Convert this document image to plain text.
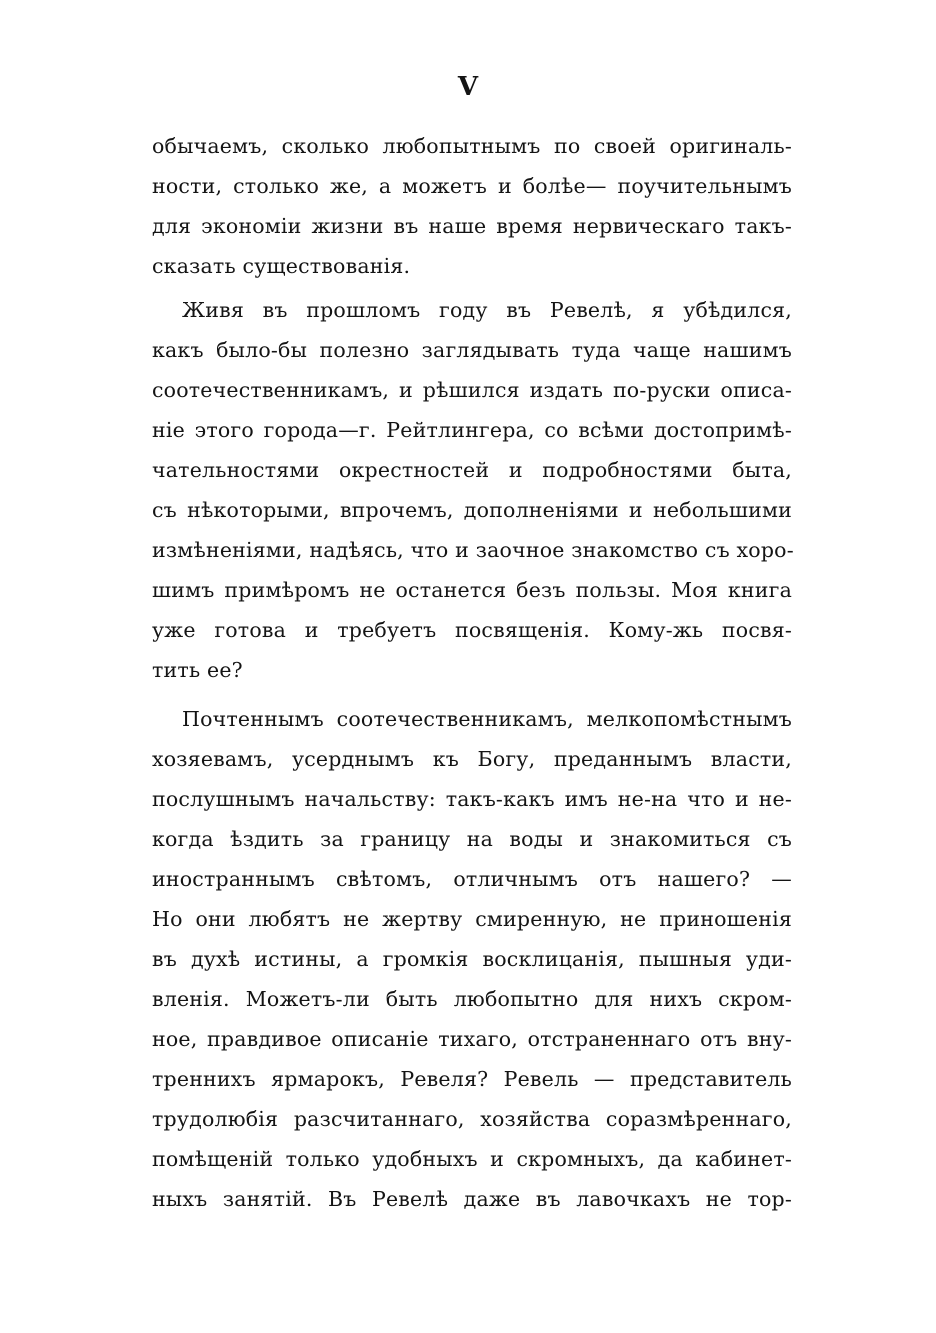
V
обычаемъ, сколько любопытнымъ по своей оригиналь-
ности, столько же, а можетъ и болѣе— поучительнымъ
для экономіи жизни въ наше время нервическаго такъ-
сказать существованія.
Живя въ прошломъ году въ Ревелѣ, я убѣдился,
какъ было-бы полезно заглядывать туда чаще нашимъ
соотечественникамъ, и рѣшился издать по-руски описа-
ніе этого города—г. Рейтлингера, со всѣми достопримѣ-
чательностями окрестностей и подробностями быта,
съ нѣкоторыми, впрочемъ, дополненіями и небольшими
измѣненіями, надѣясь, что и заочное знакомство съ хоро-
шимъ примѣромъ не останется безъ пользы. Моя книга
уже готова и требуетъ посвященія. Кому-жь посвя-
тить ее?
Почтеннымъ соотечественникамъ, мелкопомѣстнымъ
хозяевамъ, усерднымъ къ Богу, преданнымъ власти,
послушнымъ начальству: такъ-какъ имъ не-на что и не-
когда ѣздить за границу на воды и знакомиться съ
иностраннымъ свѣтомъ, отличнымъ отъ нашего? —
Но они любятъ не жертву смиренную, не приношенія
въ духѣ истины, а громкія восклицанія, пышныя уди-
вленія. Можетъ-ли быть любопытно для нихъ скром-
ное, правдивое описаніе тихаго, отстраненнаго отъ вну-
треннихъ ярмарокъ, Ревеля? Ревель — представитель
трудолюбія разсчитаннаго, хозяйства соразмѣреннаго,
помѣщеній только удобныхъ и скромныхъ, да кабинет-
ныхъ занятій. Въ Ревелѣ даже въ лавочкахъ не тор-
